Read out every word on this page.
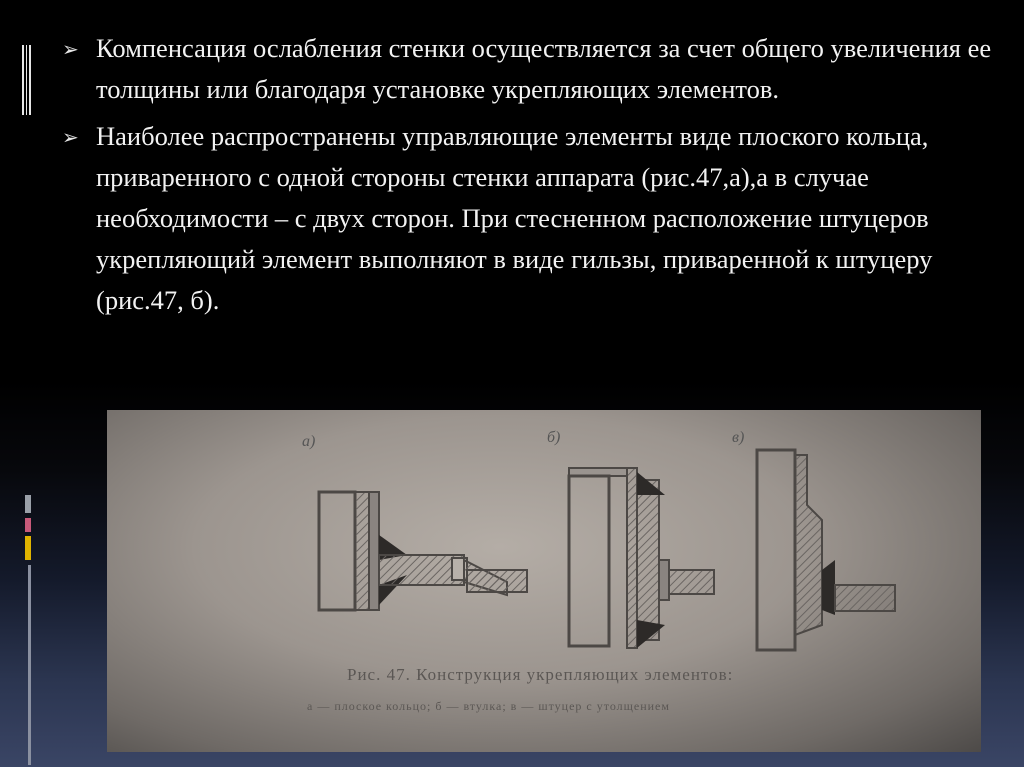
➢ Компенсация ослабления стенки осуществляется за счет общего увеличения ее толщины или благодаря установке укрепляющих элементов.
➢ Наиболее распространены управляющие элементы виде плоского кольца, приваренного с одной стороны стенки аппарата (рис.47,а),а в случае необходимости – с двух сторон. При стесненном расположение штуцеров укрепляющий элемент выполняют в виде гильзы, приваренной к штуцеру (рис.47, б).
а)	б)	в)
Рис. 47. Конструкция укрепляющих элементов:
а — плоское кольцо; б — втулка; в — штуцер с утолщением
